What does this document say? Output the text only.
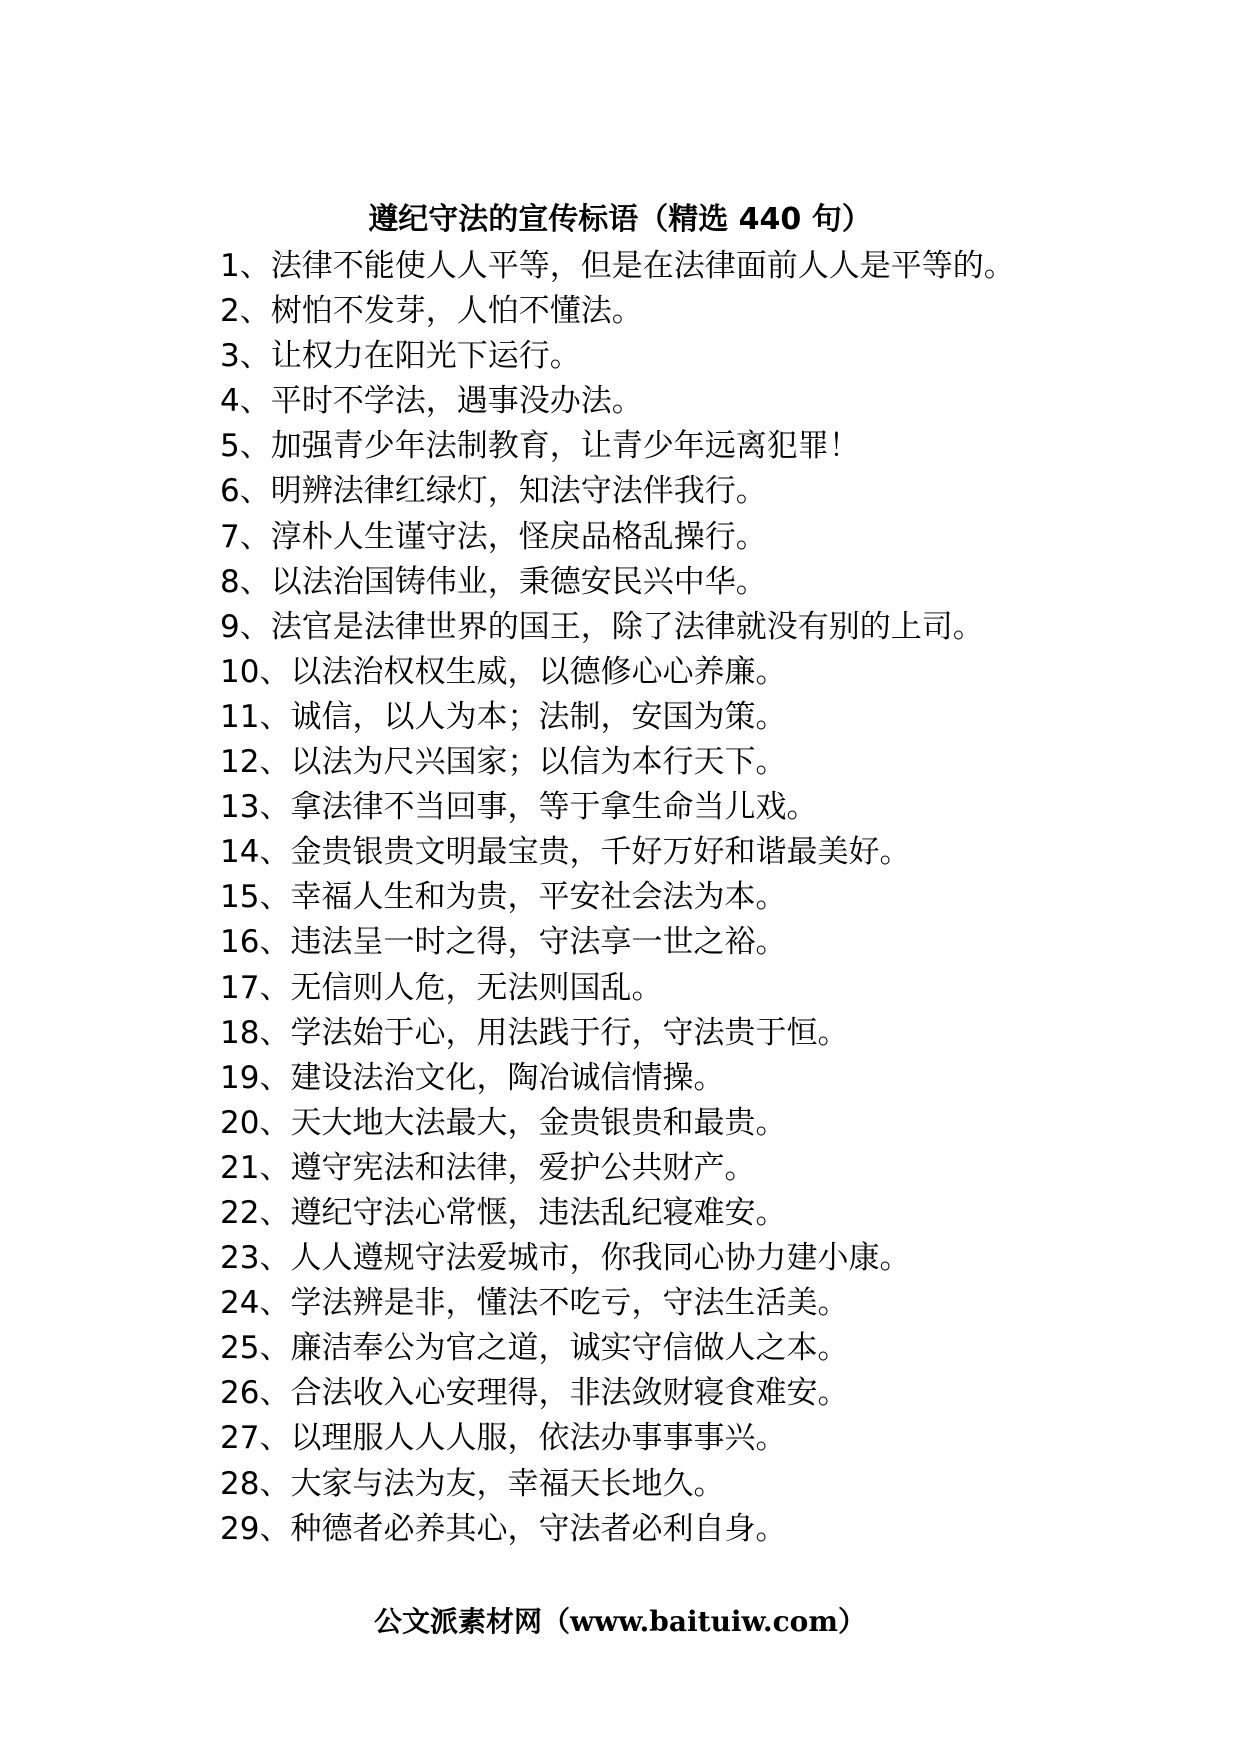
遵纪守法的宣传标语（精选 440 句）
1、法律不能使人人平等，但是在法律面前人人是平等的。
2、树怕不发芽，人怕不懂法。
3、让权力在阳光下运行。
4、平时不学法，遇事没办法。
5、加强青少年法制教育，让青少年远离犯罪！
6、明辨法律红绿灯，知法守法伴我行。
7、淳朴人生谨守法，怪戾品格乱操行。
8、以法治国铸伟业，秉德安民兴中华。
9、法官是法律世界的国王，除了法律就没有别的上司。
10、以法治权权生威，以德修心心养廉。
11、诚信，以人为本；法制，安国为策。
12、以法为尺兴国家；以信为本行天下。
13、拿法律不当回事，等于拿生命当儿戏。
14、金贵银贵文明最宝贵，千好万好和谐最美好。
15、幸福人生和为贵，平安社会法为本。
16、违法呈一时之得，守法享一世之裕。
17、无信则人危，无法则国乱。
18、学法始于心，用法践于行，守法贵于恒。
19、建设法治文化，陶冶诚信情操。
20、天大地大法最大，金贵银贵和最贵。
21、遵守宪法和法律，爱护公共财产。
22、遵纪守法心常惬，违法乱纪寝难安。
23、人人遵规守法爱城市，你我同心协力建小康。
24、学法辨是非，懂法不吃亏，守法生活美。
25、廉洁奉公为官之道，诚实守信做人之本。
26、合法收入心安理得，非法敛财寝食难安。
27、以理服人人人服，依法办事事事兴。
28、大家与法为友，幸福天长地久。
29、种德者必养其心，守法者必利自身。
公文派素材网（www.baituiw.com）
